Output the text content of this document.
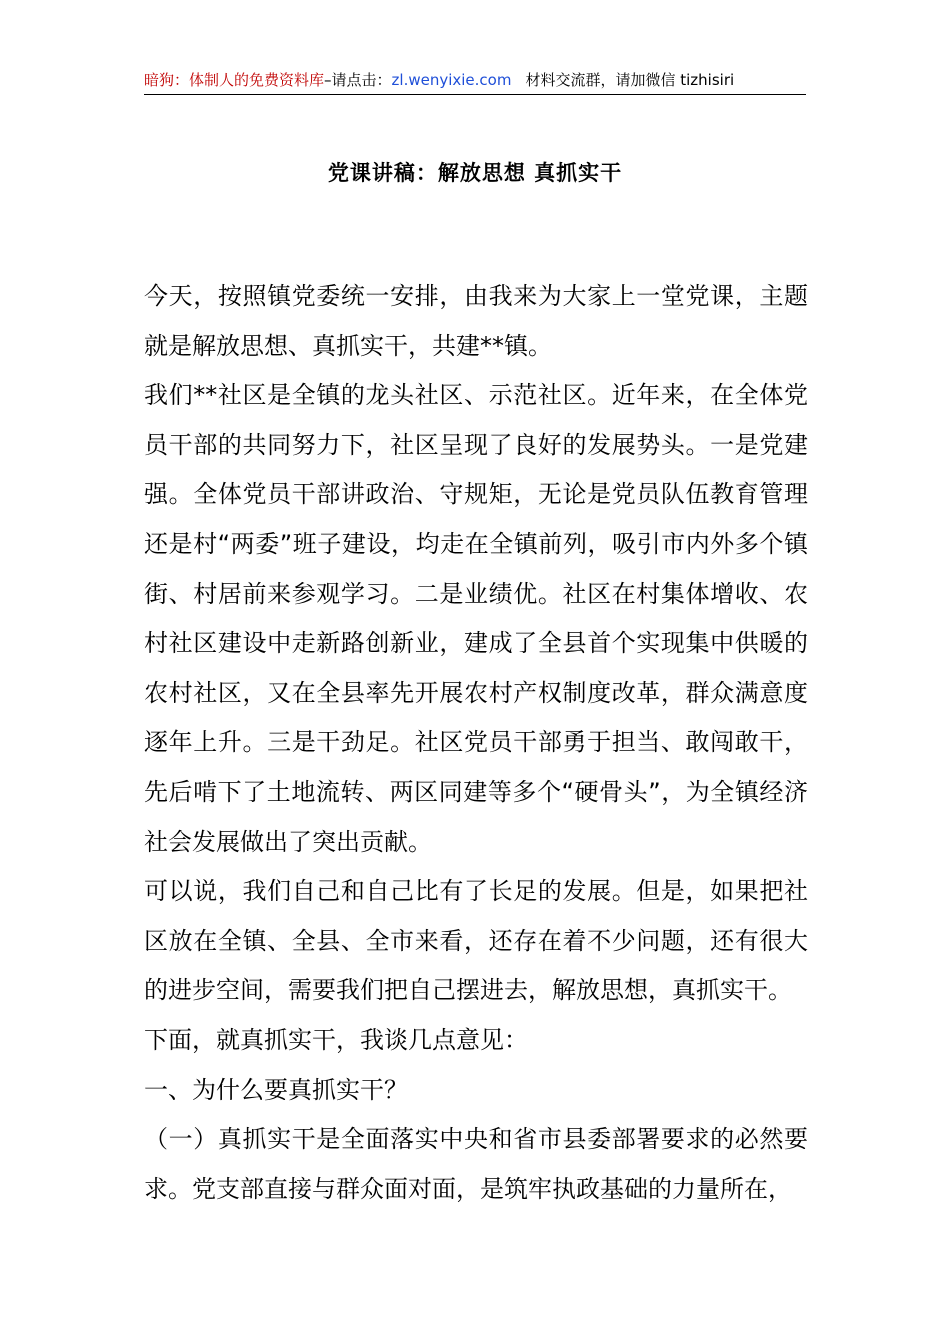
暗狗：体制人的免费资料库–请点击：zl.wenyixie.com 材料交流群，请加微信 tizhisiri
党课讲稿：解放思想 真抓实干

今天，按照镇党委统一安排，由我来为大家上一堂党课，主题就是解放思想、真抓实干，共建**镇。

我们**社区是全镇的龙头社区、示范社区。近年来，在全体党员干部的共同努力下，社区呈现了良好的发展势头。一是党建强。全体党员干部讲政治、守规矩，无论是党员队伍教育管理还是村“两委”班子建设，均走在全镇前列，吸引市内外多个镇街、村居前来参观学习。二是业绩优。社区在村集体增收、农村社区建设中走新路创新业，建成了全县首个实现集中供暖的农村社区，又在全县率先开展农村产权制度改革，群众满意度逐年上升。三是干劲足。社区党员干部勇于担当、敢闯敢干，先后啃下了土地流转、两区同建等多个“硬骨头”，为全镇经济社会发展做出了突出贡献。

可以说，我们自己和自己比有了长足的发展。但是，如果把社区放在全镇、全县、全市来看，还存在着不少问题，还有很大的进步空间，需要我们把自己摆进去，解放思想，真抓实干。

下面，就真抓实干，我谈几点意见：

一、为什么要真抓实干？

（一）真抓实干是全面落实中央和省市县委部署要求的必然要求。党支部直接与群众面对面，是筑牢执政基础的力量所在，
